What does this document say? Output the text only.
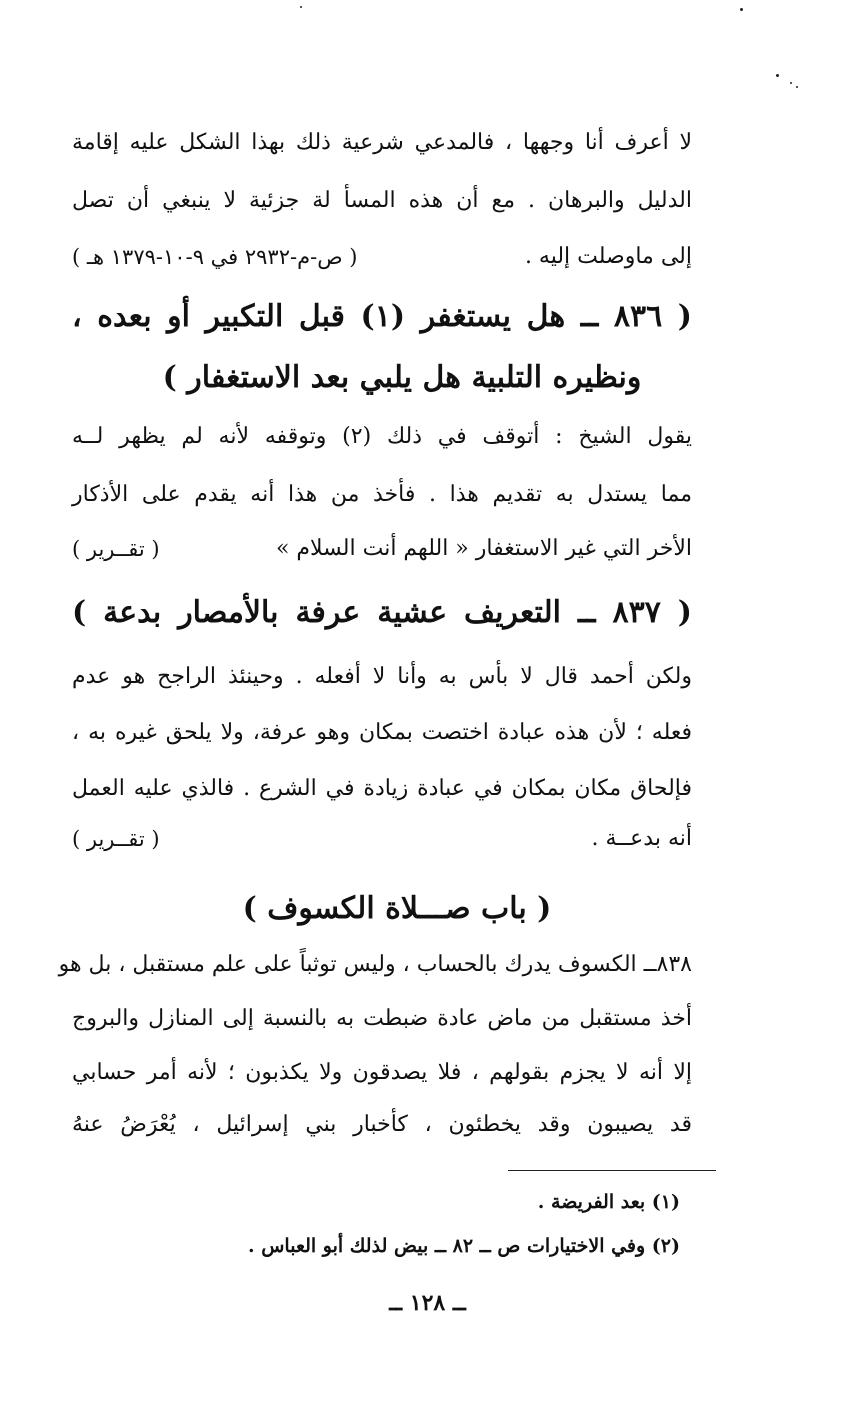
لا أعرف أنا وجهها ، فالمدعي شرعية ذلك بهذا الشكل عليه إقامة
الدليل والبرهان . مع أن هذه المسأ لة جزئية لا ينبغي أن تصل
إلى ماوصلت إليه .
( ص-م-٢٩٣٢ في ٩-١٠-١٣٧٩ هـ )
( ٨٣٦ ــ هل يستغفر (١) قبل التكبير أو بعده ،
ونظيره التلبية هل يلبي بعد الاستغفار )
يقول الشيخ : أتوقف في ذلك (٢) وتوقفه لأنه لم يظهر لــه
مما يستدل به تقديم هذا . فأخذ من هذا أنه يقدم على الأذكار
الأخر التي غير الاستغفار « اللهم أنت السلام »
( تقــرير )
( ٨٣٧ ــ التعريف عشية عرفة بالأمصار بدعة )
ولكن أحمد قال لا بأس به وأنا لا أفعله . وحينئذ الراجح هو عدم
فعله ؛ لأن هذه عبادة اختصت بمكان وهو عرفة، ولا يلحق غيره به ،
فإلحاق مكان بمكان في عبادة زيادة في الشرع . فالذي عليه العمل
أنه بدعــة .
( تقــرير )
( باب صـــلاة الكسوف )
٨٣٨ــ الكسوف يدرك بالحساب ، وليس توثباً على علم مستقبل ، بل هو
أخذ مستقبل من ماض عادة ضبطت به بالنسبة إلى المنازل والبروج
إلا أنه لا يجزم بقولهم ، فلا يصدقون ولا يكذبون ؛ لأنه أمر حسابي
قد يصيبون وقد يخطئون ، كأخبار بني إسرائيل ، يُعْرَضُ عنهُ
(١) بعد الفريضة .
(٢) وفي الاختيارات ص ــ ٨٢ ــ بيض لذلك أبو العباس .
ــ ١٢٨ ــ
